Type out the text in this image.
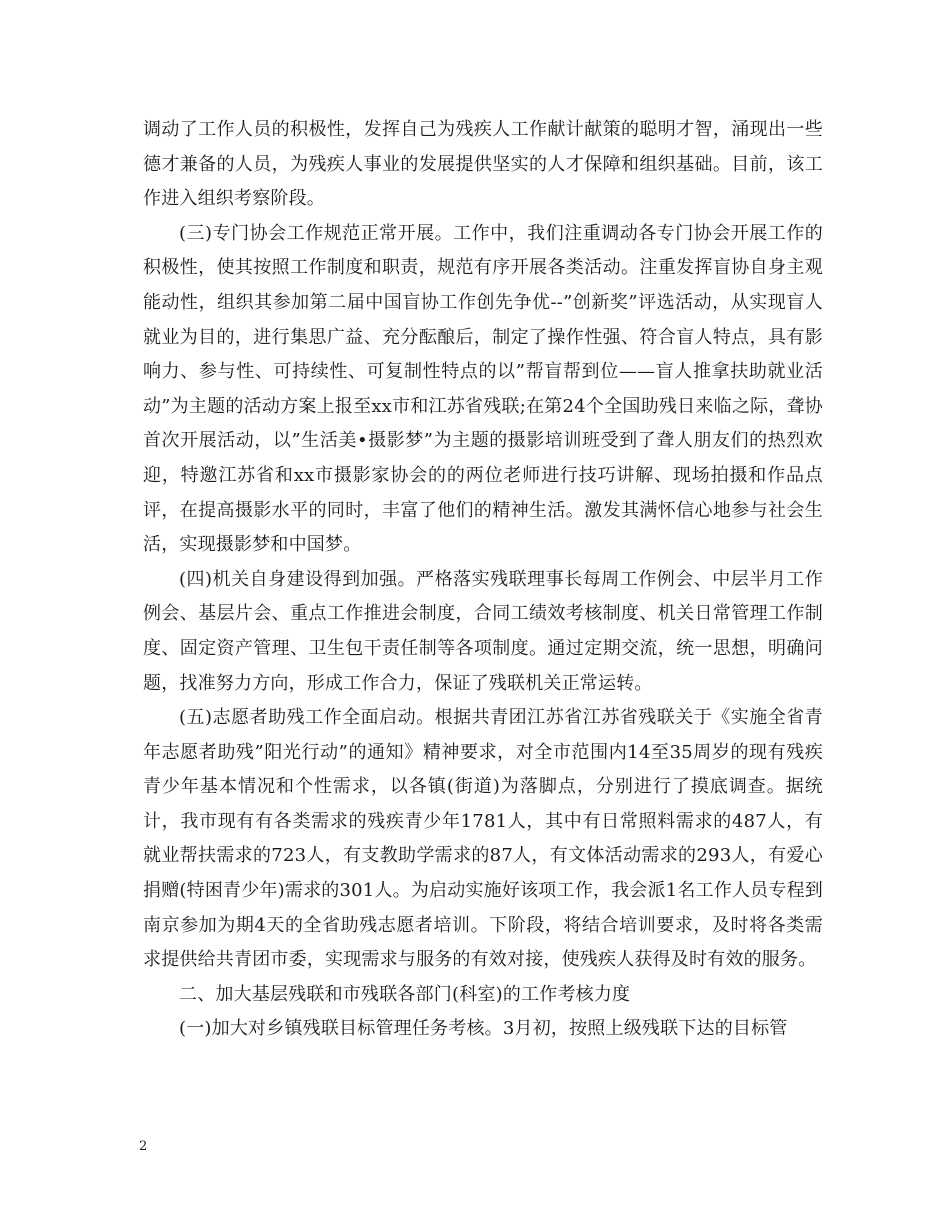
调动了工作人员的积极性，发挥自己为残疾人工作献计献策的聪明才智，涌现出一些德才兼备的人员，为残疾人事业的发展提供坚实的人才保障和组织基础。目前，该工作进入组织考察阶段。

(三)专门协会工作规范正常开展。工作中，我们注重调动各专门协会开展工作的积极性，使其按照工作制度和职责，规范有序开展各类活动。注重发挥盲协自身主观能动性，组织其参加第二届中国盲协工作创先争优--”创新奖”评选活动，从实现盲人就业为目的，进行集思广益、充分酝酿后，制定了操作性强、符合盲人特点，具有影响力、参与性、可持续性、可复制性特点的以”帮盲帮到位——盲人推拿扶助就业活动”为主题的活动方案上报至xx市和江苏省残联;在第24个全国助残日来临之际，聋协首次开展活动，以”生活美•摄影梦”为主题的摄影培训班受到了聋人朋友们的热烈欢迎，特邀江苏省和xx市摄影家协会的的两位老师进行技巧讲解、现场拍摄和作品点评，在提高摄影水平的同时，丰富了他们的精神生活。激发其满怀信心地参与社会生活，实现摄影梦和中国梦。

(四)机关自身建设得到加强。严格落实残联理事长每周工作例会、中层半月工作例会、基层片会、重点工作推进会制度，合同工绩效考核制度、机关日常管理工作制度、固定资产管理、卫生包干责任制等各项制度。通过定期交流，统一思想，明确问题，找准努力方向，形成工作合力，保证了残联机关正常运转。

(五)志愿者助残工作全面启动。根据共青团江苏省江苏省残联关于《实施全省青年志愿者助残”阳光行动”的通知》精神要求，对全市范围内14至35周岁的现有残疾青少年基本情况和个性需求，以各镇(街道)为落脚点，分别进行了摸底调查。据统计，我市现有有各类需求的残疾青少年1781人，其中有日常照料需求的487人，有就业帮扶需求的723人，有支教助学需求的87人，有文体活动需求的293人，有爱心捐赠(特困青少年)需求的301人。为启动实施好该项工作，我会派1名工作人员专程到南京参加为期4天的全省助残志愿者培训。下阶段，将结合培训要求，及时将各类需求提供给共青团市委，实现需求与服务的有效对接，使残疾人获得及时有效的服务。

二、加大基层残联和市残联各部门(科室)的工作考核力度

(一)加大对乡镇残联目标管理任务考核。3月初，按照上级残联下达的目标管

2
